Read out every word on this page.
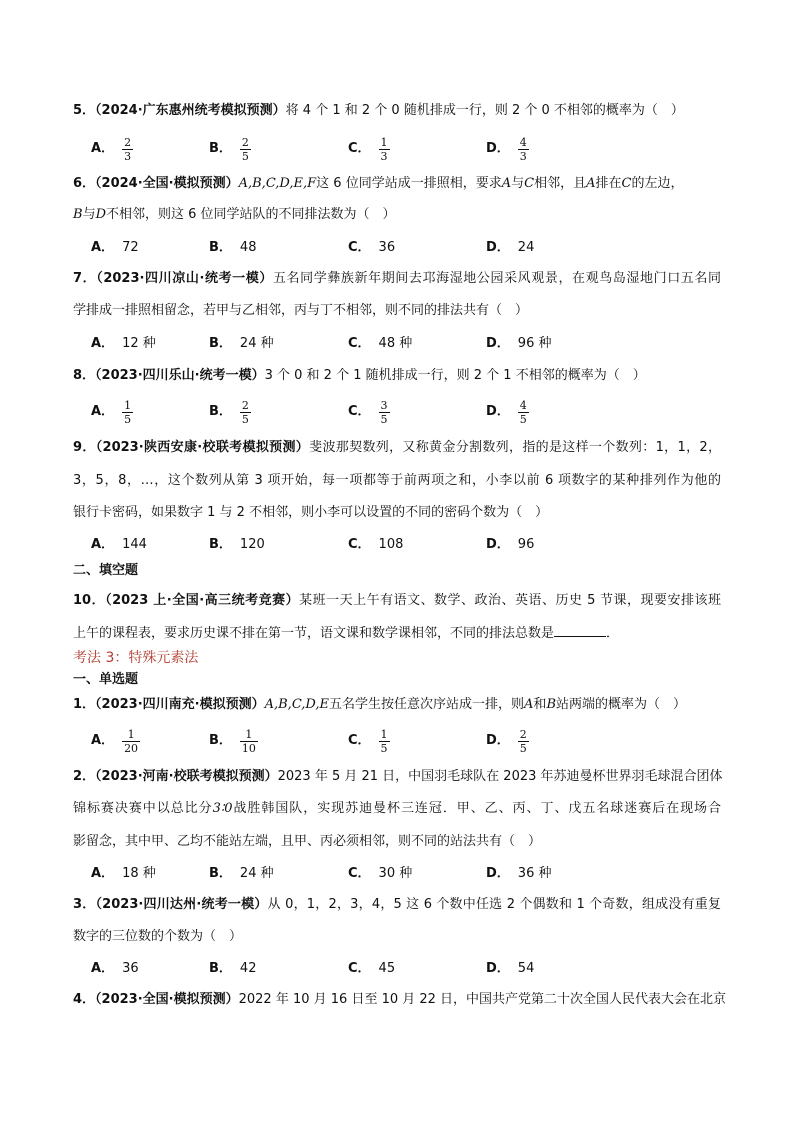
5．（2024·广东惠州统考模拟预测）将 4 个 1 和 2 个 0 随机排成一行，则 2 个 0 不相邻的概率为（　）
A． $\frac{2}{3}$	B． $\frac{2}{5}$	C． $\frac{1}{3}$	D． $\frac{4}{3}$
6．（2024·全国·模拟预测）A,B,C,D,E,F这 6 位同学站成一排照相，要求A与C相邻，且A排在C的左边，
B与D不相邻，则这 6 位同学站队的不同排法数为（　）
A． 72	B． 48	C． 36	D． 24
7．（2023·四川凉山·统考一模）五名同学彝族新年期间去邛海湿地公园采风观景，在观鸟岛湿地门口五名同
学排成一排照相留念，若甲与乙相邻，丙与丁不相邻，则不同的排法共有（　）
A． 12 种	B． 24 种	C． 48 种	D． 96 种
8．（2023·四川乐山·统考一模）3 个 0 和 2 个 1 随机排成一行，则 2 个 1 不相邻的概率为（　）
A． $\frac{1}{5}$	B． $\frac{2}{5}$	C． $\frac{3}{5}$	D． $\frac{4}{5}$
9．（2023·陕西安康·校联考模拟预测）斐波那契数列，又称黄金分割数列，指的是这样一个数列：1，1，2，
3，5，8，…，这个数列从第 3 项开始，每一项都等于前两项之和，小李以前 6 项数字的某种排列作为他的
银行卡密码，如果数字 1 与 2 不相邻，则小李可以设置的不同的密码个数为（　）
A． 144	B． 120	C． 108	D． 96
二、填空题
10．（2023 上·全国·高三统考竞赛）某班一天上午有语文、数学、政治、英语、历史 5 节课，现要安排该班
上午的课程表，要求历史课不排在第一节，语文课和数学课相邻，不同的排法总数是	．
考法 3：特殊元素法
一、单选题
1．（2023·四川南充·模拟预测）A,B,C,D,E五名学生按任意次序站成一排，则A和B站两端的概率为（　）
A． $\frac{1}{20}$	B． $\frac{1}{10}$	C． $\frac{1}{5}$	D． $\frac{2}{5}$
2．（2023·河南·校联考模拟预测）2023 年 5 月 21 日，中国羽毛球队在 2023 年苏迪曼杯世界羽毛球混合团体
锦标赛决赛中以总比分3∶0战胜韩国队，实现苏迪曼杯三连冠．甲、乙、丙、丁、戊五名球迷赛后在现场合
影留念，其中甲、乙均不能站左端，且甲、丙必须相邻，则不同的站法共有（　）
A． 18 种	B． 24 种	C． 30 种	D． 36 种
3．（2023·四川达州·统考一模）从 0，1，2，3，4，5 这 6 个数中任选 2 个偶数和 1 个奇数，组成没有重复
数字的三位数的个数为（　）
A． 36	B． 42	C． 45	D． 54
4．（2023·全国·模拟预测）2022 年 10 月 16 日至 10 月 22 日，中国共产党第二十次全国人民代表大会在北京
